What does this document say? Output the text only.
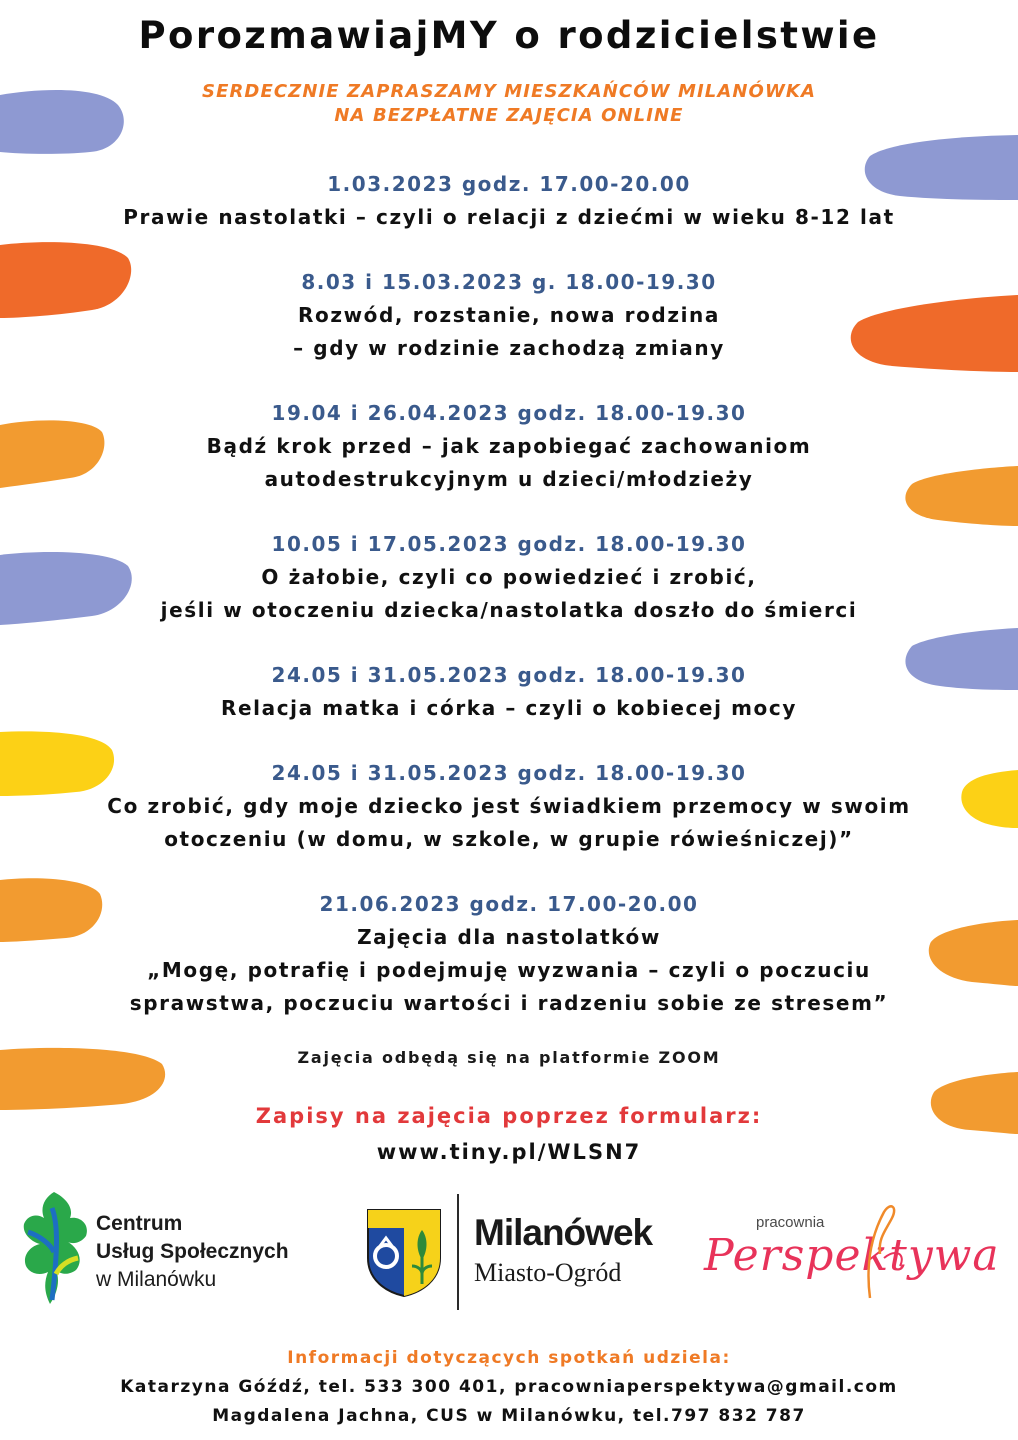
PorozmawiajMY o rodzicielstwie
SERDECZNIE ZAPRASZAMY MIESZKAŃCÓW MILANÓWKA
NA BEZPŁATNE ZAJĘCIA ONLINE
1.03.2023 godz. 17.00-20.00
Prawie nastolatki – czyli o relacji z dziećmi w wieku 8-12 lat
8.03 i 15.03.2023 g. 18.00-19.30
Rozwód, rozstanie, nowa rodzina
– gdy w rodzinie zachodzą zmiany
19.04 i 26.04.2023 godz. 18.00-19.30
Bądź krok przed – jak zapobiegać zachowaniom
autodestrukcyjnym u dzieci/młodzieży
10.05 i 17.05.2023 godz. 18.00-19.30
O żałobie, czyli co powiedzieć i zrobić,
jeśli w otoczeniu dziecka/nastolatka doszło do śmierci
24.05 i 31.05.2023 godz. 18.00-19.30
Relacja matka i córka – czyli o kobiecej mocy
24.05 i 31.05.2023 godz. 18.00-19.30
Co zrobić, gdy moje dziecko jest świadkiem przemocy w swoim
otoczeniu (w domu, w szkole, w grupie rówieśniczej)”
21.06.2023 godz. 17.00-20.00
Zajęcia dla nastolatków
„Mogę, potrafię i podejmuję wyzwania – czyli o poczuciu
sprawstwa, poczuciu wartości i radzeniu sobie ze stresem”
Zajęcia odbędą się na platformie ZOOM
Zapisy na zajęcia poprzez formularz:
www.tiny.pl/WLSN7
Centrum
Usług Społecznych
w Milanówku
Milanówek
Miasto-Ogród
pracownia
Perspektywa
Informacji dotyczących spotkań udziela:
Katarzyna Góźdź, tel. 533 300 401, pracowniaperspektywa@gmail.com
Magdalena Jachna, CUS w Milanówku, tel.797 832 787
